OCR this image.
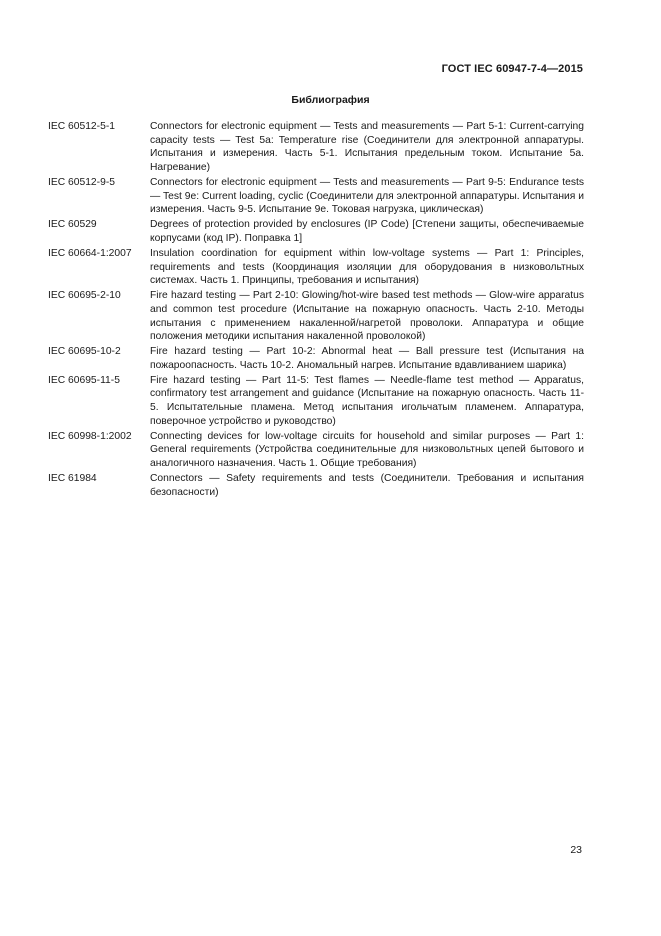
ГОСТ IEC 60947-7-4—2015
Библиография
IEC 60512-5-1	Connectors for electronic equipment — Tests and measurements — Part 5-1: Current-carrying capacity tests — Test 5a: Temperature rise (Соединители для электронной аппаратуры. Испытания и измерения. Часть 5-1. Испытания предельным током. Испытание 5a. Нагревание)
IEC 60512-9-5	Connectors for electronic equipment — Tests and measurements — Part 9-5: Endurance tests — Test 9e: Current loading, cyclic (Соединители для электронной аппаратуры. Испытания и измерения. Часть 9-5. Испытание 9e. Токовая нагрузка, циклическая)
IEC 60529	Degrees of protection provided by enclosures (IP Code) [Степени защиты, обеспечиваемые корпусами (код IP). Поправка 1]
IEC 60664-1:2007	Insulation coordination for equipment within low-voltage systems — Part 1: Principles, requirements and tests (Координация изоляции для оборудования в низковольтных системах. Часть 1. Принципы, требования и испытания)
IEC 60695-2-10	Fire hazard testing — Part 2-10: Glowing/hot-wire based test methods — Glow-wire apparatus and common test procedure (Испытание на пожарную опасность. Часть 2-10. Методы испытания с применением накаленной/нагретой проволоки. Аппаратура и общие положения методики испытания накаленной проволокой)
IEC 60695-10-2	Fire hazard testing — Part 10-2: Abnormal heat — Ball pressure test (Испытания на пожароопасность. Часть 10-2. Аномальный нагрев. Испытание вдавливанием шарика)
IEC 60695-11-5	Fire hazard testing — Part 11-5: Test flames — Needle-flame test method — Apparatus, confirmatory test arrangement and guidance (Испытание на пожарную опасность. Часть 11-5. Испытательные пламена. Метод испытания игольчатым пламенем. Аппаратура, поверочное устройство и руководство)
IEC 60998-1:2002	Connecting devices for low-voltage circuits for household and similar purposes — Part 1: General requirements (Устройства соединительные для низковольтных цепей бытового и аналогичного назначения. Часть 1. Общие требования)
IEC 61984	Connectors — Safety requirements and tests (Соединители. Требования и испытания безопасности)
23
